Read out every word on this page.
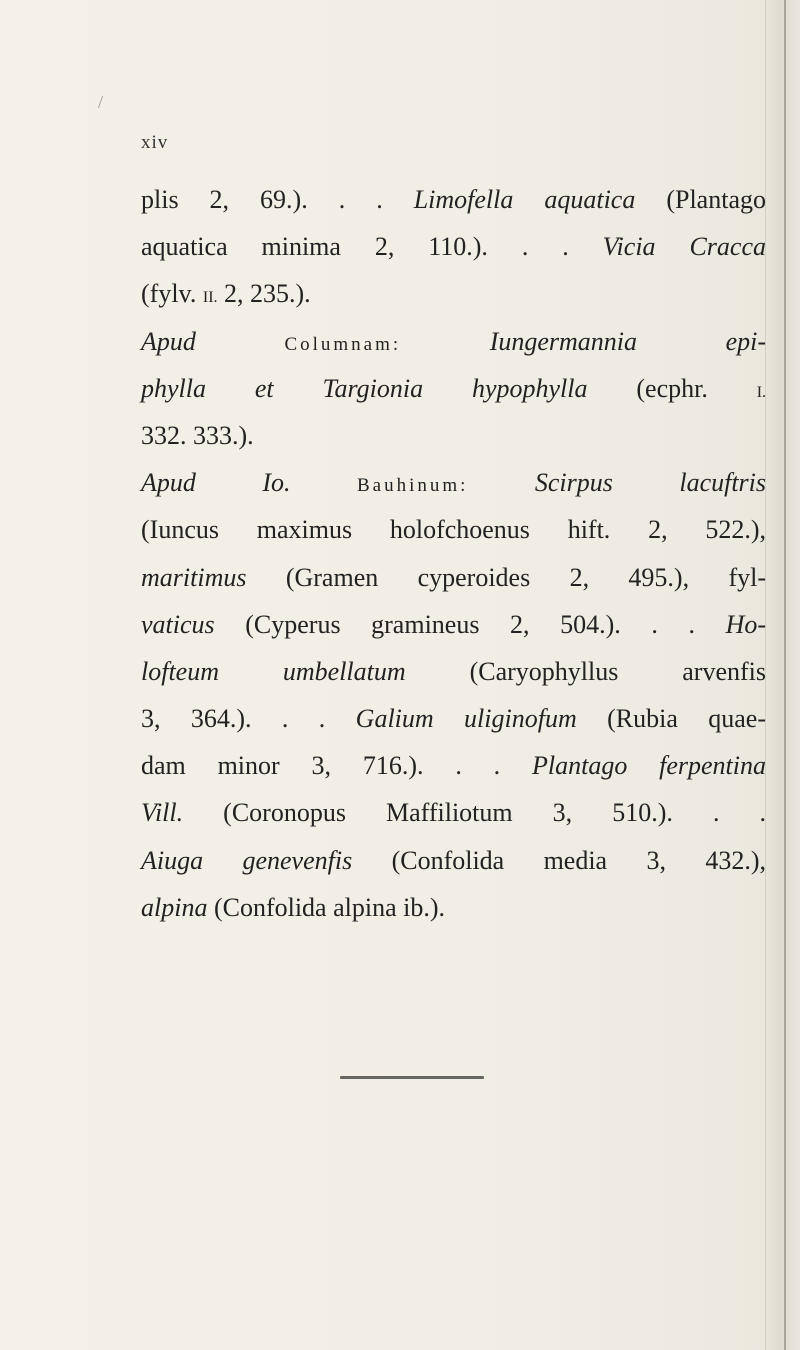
/
xiv
plis 2, 69.). . . Limofella aquatica (Plantago
aquatica minima 2, 110.). . . Vicia Cracca
(fylv. II. 2, 235.).
Apud	Columnam:	Iungermannia epi-
phylla et Targionia hypophylla (ecphr. I.
332. 333.).
Apud Io.	Bauhinum:	Scirpus lacuftris
(Iuncus maximus holofchoenus hift. 2, 522.),
maritimus (Gramen cyperoides 2, 495.), fyl-
vaticus (Cyperus gramineus 2, 504.). . . Ho-
lofteum umbellatum (Caryophyllus arvenfis
3, 364.). . . Galium uliginofum (Rubia quae-
dam minor 3, 716.). . . Plantago ferpentina
Vill. (Coronopus Maffiliotum 3, 510.). . .
Aiuga genevenfis (Confolida media 3, 432.),
alpina (Confolida alpina ib.).
